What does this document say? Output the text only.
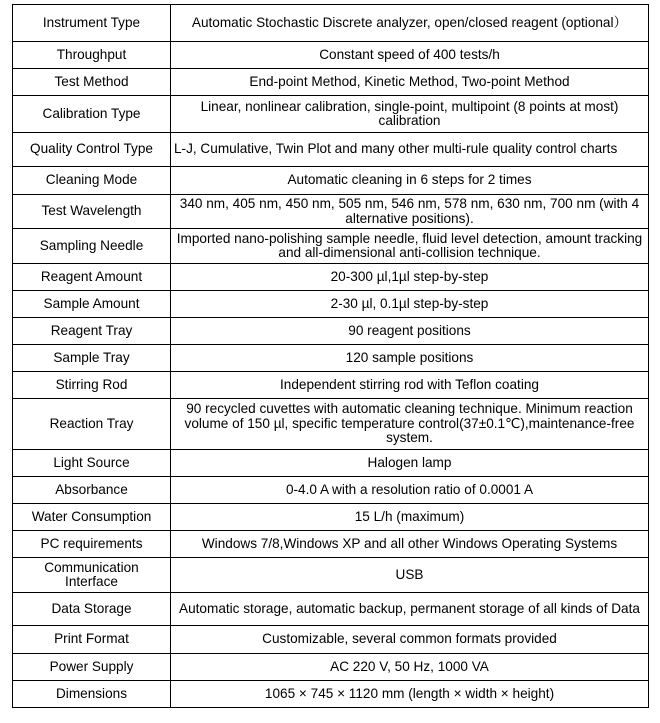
Instrument Type	Automatic Stochastic Discrete analyzer, open/closed reagent (optional）
Throughput	Constant speed of 400 tests/h
Test Method	End-point Method, Kinetic Method, Two-point Method
Calibration Type	Linear, nonlinear calibration, single-point, multipoint (8 points at most) calibration
Quality Control Type	L-J, Cumulative, Twin Plot and many other multi-rule quality control charts
Cleaning Mode	Automatic cleaning in 6 steps for 2 times
Test Wavelength	340 nm, 405 nm, 450 nm, 505 nm, 546 nm, 578 nm, 630 nm, 700 nm (with 4 alternative positions).
Sampling Needle	Imported nano-polishing sample needle, fluid level detection, amount tracking and all-dimensional anti-collision technique.
Reagent Amount	20-300 µl,1µl step-by-step
Sample Amount	2-30 µl, 0.1µl step-by-step
Reagent Tray	90 reagent positions
Sample Tray	120 sample positions
Stirring Rod	Independent stirring rod with Teflon coating
Reaction Tray	90 recycled cuvettes with automatic cleaning technique. Minimum reaction volume of 150 µl, specific temperature control(37±0.1℃),maintenance-free system.
Light Source	Halogen lamp
Absorbance	0-4.0 A with a resolution ratio of 0.0001 A
Water Consumption	15 L/h (maximum)
PC requirements	Windows 7/8,Windows XP and all other Windows Operating Systems
Communication Interface	USB
Data Storage	Automatic storage, automatic backup, permanent storage of all kinds of Data
Print Format	Customizable, several common formats provided
Power Supply	AC 220 V, 50 Hz, 1000 VA
Dimensions	1065 × 745 × 1120 mm (length × width × height)
